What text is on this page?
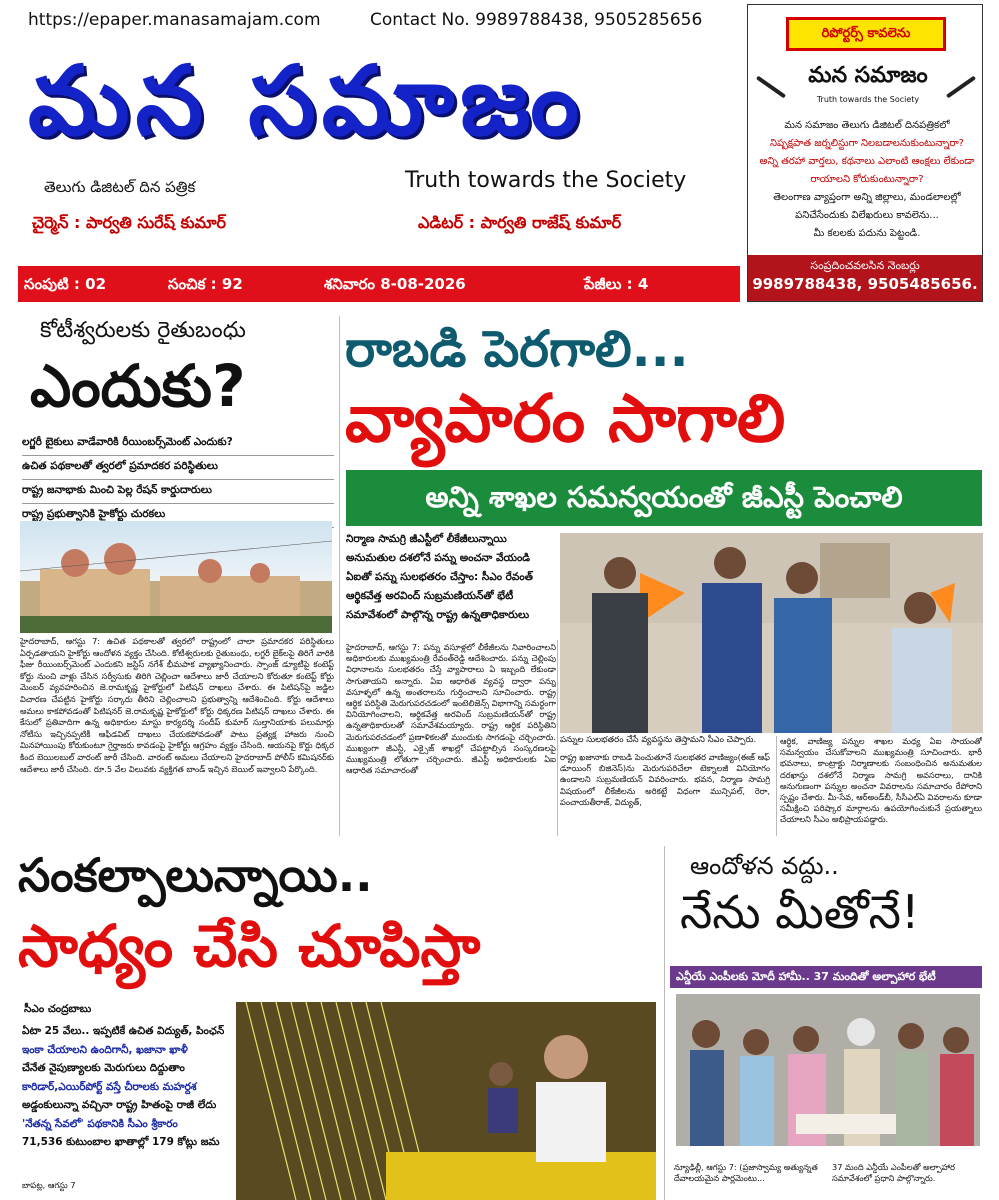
https://epaper.manasamajam.com	Contact No. 9989788438, 9505285656
మన సమాజం
తెలుగు డిజిటల్ దిన పత్రిక	Truth towards the Society
చైర్మెన్ : పార్వతి సురేష్ కుమార్	ఎడిటర్ : పార్వతి రాజేష్ కుమార్
సంపుటి : 02	సంచిక : 92	శనివారం 8-08-2026	పేజీలు : 4
రిపోర్టర్స్ కావలెను
మన సమాజం
Truth towards the Society
మన సమాజం తెలుగు డిజిటల్ దినపత్రికలో
నిష్పక్షపాత జర్నలిస్టుగా నిలబడాలనుకుంటున్నారా?
అన్ని తరహా వార్తలు, కథనాలు ఎలాంటి ఆంక్షలు లేకుండా
రాయాలని కోరుకుంటున్నారా?
తెలంగాణ వ్యాప్తంగా అన్ని జిల్లాలు, మండలాలల్లో
పనిచేసేందుకు విలేఖరులు కావలెను...
మీ కలలకు పదును పెట్టండి.
సంప్రదించవలసిన నెంబర్లు
9989788438, 9505485656.
కోటీశ్వరులకు రైతుబంధు
ఎందుకు?
లగ్జరీ బైకులు వాడేవారికి రీయింబర్స్‌మెంట్ ఎందుకు?
ఉచిత పథకాలతో త్వరలో ప్రమాదకర పరిస్థితులు
రాష్ట్ర జనాభాకు మించి పెల్ల రేషన్ కార్డుదారులు
రాష్ట్ర ప్రభుత్వానికి హైకోర్టు చురకలు
హైదరాబాద్, ఆగస్టు 7: ఉచిత పథకాలతో త్వరలో రాష్ట్రంలో చాలా ప్రమాదకర పరిస్థితులు ఏర్పడతాయని హైకోర్టు ఆందోళన వ్యక్తం చేసింది. కోటీశ్వరులకు రైతుబంధు, లగ్జరీ బైక్‌లపై తిరిగే వారికి ఫీజు రీయింబర్స్‌మెంట్ ఎందుకని జస్టిస్ నగేశ్ భీమపాక వ్యాఖ్యానించారు. స్పాంజ్ డ్యూటీపై కంటెప్ట్‌ కోర్టు నుంచి వాళ్లు చేసిన సర్వీసుకు తిరిగి చెల్లించా ఆదేశాలు జారీ చేయాలని కోరుతూ కంటెప్ట్‌ కోర్టు మెంబర్ వ్యవహరించిన జె.రామకృష్ణ హైకోర్టులో పిటిషన్ దాఖలు చేశారు. ఈ పిటిషన్‌పై జడ్జిల విచారణ చేపట్టిన హైకోర్టు సర్కారు తీరిని చెల్లించాలని ప్రభుత్వాన్ని ఆదేశించింది. కోర్టు ఆదేశాలు అమలు కాకపోవడంతో పిటిషనర్ జె.రామకృష్ణ హైకోర్టులో కోర్టు ధిక్కరణ పిటిషన్ దాఖలు చేశారు. ఈ కేసులో ప్రతివాదిగా ఉన్న అధికారుల మాస్టు కార్యదర్శి సందీప్ కుమార్ సుల్తానియాకు పలుమార్లు నోటీసు ఇచ్చినప్పటికీ ఆఫీడవిట్ దాఖలు చేయకపోవడంతో పాటు ప్రత్యక్ష హాజరు నుంచి మినహాయింపు కోరుకుంటూ గైర్హాజరు కావడంపై హైకోర్టు ఆగ్రహం వ్యక్తం చేసింది. ఆయనపై కొర్టు ధిక్కర కింద బెయిలబుల్ వారంట్ జారీ చేసింది. వారంట్ అమలు చేయాలని హైదరాబాద్ పోలీస్ కమిషనర్‌కు ఆదేశాలు జారీ చేసింది. రూ.5 వేల విలువకు వ్యక్తిగత బాండ్ ఇచ్చిన బెయిల్ ఇవ్వాలని పేర్కొంది.
రాబడి పెరగాలి...
వ్యాపారం సాగాలి
అన్ని శాఖల సమన్వయంతో జీఎస్టీ పెంచాలి
నిర్మాణ సామగ్రి జీఎస్టీలో లీకేజీలున్నాయి
అనుమతుల దశలోనే పన్ను అంచనా వేయండి
ఏఐతో పన్ను సులభతరం చేస్తాం: సీఎం రేవంత్
ఆర్థికవేత్త అరవింద్ సుబ్రమణియన్‌తో భేటీ
సమావేశంలో పాల్గొన్న రాష్ట్ర ఉన్నతాధికారులు
పన్నుల సులభతరం చేసే వ్యవస్థను తెస్తామని సీఎం చెప్పారు.
హైదరాబాద్, ఆగస్టు 7: పన్ను వసూళ్లలో లీకేజీలను నివారించాలని అధికారులకు ముఖ్యమంత్రి రేవంత్‌రెడ్డి ఆదేశించారు. పన్ను చెల్లింపు విధానాలను సులభతరం చేస్తే వ్యాపారాలు ఏ ఇబ్బంది లేకుండా సాగుతాయని అన్నారు. ఏఐ ఆధారిత వ్యవస్థ ద్వారా పన్ను వసూళ్ళలో ఉన్న అంతరాలను గుర్తించాలని సూచించారు. రాష్ట్ర ఆర్థిక పరిస్థితి మెరుగుపరచడంలో ఇంటెలిజెన్స్ విభాగాన్ని సమర్థంగా వినియోగించాలని, ఆర్థికవేత్త అరవింద్ సుబ్రమణియన్‌తో రాష్ట్ర ఉన్నతాధికారులతో సమావేశమయ్యారు. రాష్ట్ర ఆర్థిక పరిస్థితిని మెరుగుపరచడంలో ప్రణాళికలతో ముందుకు సాగడంపై చర్చించారు. ముఖ్యంగా జీఎస్టీ, ఎక్సైజ్ శాఖల్లో చేపట్టాల్సిన సంస్కరణలపై ముఖ్యమంత్రి లోతుగా చర్చించారు. జీఎస్టీ అధికారులకు ఏఐ ఆధారిత సమాచారంతో
రాష్ట్ర ఖజానాకు రాబడి పెంచుతూనే సులభతర వాణిజ్యం(ఈజ్ ఆఫ్ డూయింగ్ బిజినెస్)ను మెరుగుపరిచేలా టెక్నాలజీ వినియోగం ఉండాలని సుబ్రమణియన్ వివరించారు. భవన, నిర్మాణ సామగ్రి విషయంలో లీకేజీలను అరికట్టే విధంగా మున్సిపల్, రెరా, పంచాయతీరాజ్, విద్యుత్,
ఆర్థిక, వాణిజ్య పన్నుల శాఖల మధ్య ఏఐ సాయంతో సమన్వయం చేసుకోవాలని ముఖ్యమంత్రి సూచించారు. భారీ భవనాలు, కాంట్రాక్టు నిర్మాణాలకు సంబంధించిన అనుమతుల దరఖాస్తు దశలోనే నిర్మాణ సామగ్రి అవసరాలు, దానికి అనుగుణంగా పన్నుల అంచనా వివరాలను సమాచారం రేపోరాని స్పష్టం చేశారు. మీ-సేవ, ఆర్‌అండ్‌బీ, సీసీఎల్ఏ వివరాలను కూడా సమీక్షించి పరిష్కార మార్గాలను ఉపయోగించుకునే ప్రయత్నాలు చేయాలని సీఎం అభిప్రాయపడ్డారు.
సంకల్పాలున్నాయి..
సాధ్యం చేసి చూపిస్తా
సీఎం చంద్రబాబు
ఏటా 25 వేలు.. ఇప్పటికే ఉచిత విద్యుత్, పింఛన్
ఇంకా చేయాలని ఉందిగానీ, ఖజానా ఖాళీ
చేనేత నైపుణ్యాలకు మెరుగులు దిద్దుతాం
కారిడార్,ఎయిర్‌పోర్ట్ వస్తే చీరాలకు మహర్దశ
అడ్డంకులున్నా వచ్చినా రాష్ట్ర హితంపై రాజీ లేదు
'నేతన్న సేవలో' పథకానికి సీఎం శ్రీకారం
71,536 కుటుంబాల ఖాతాల్లో 179 కోట్లు జమ
బాపట్ల, ఆగస్టు 7
ఆందోళన వద్దు..
నేను మీతోనే!
ఎన్డీయే ఎంపీలకు మోదీ హామీ.. 37 మందితో అల్పాహార భేటీ
న్యూఢిల్లీ, ఆగస్టు 7: (ప్రజాస్వామ్య అత్యున్నత దేవాలయమైన పార్లమెంటు...
37 మంది ఎన్డీయే ఎంపీలతో అల్పాహార సమావేశంలో ప్రధాని పాల్గొన్నారు.
